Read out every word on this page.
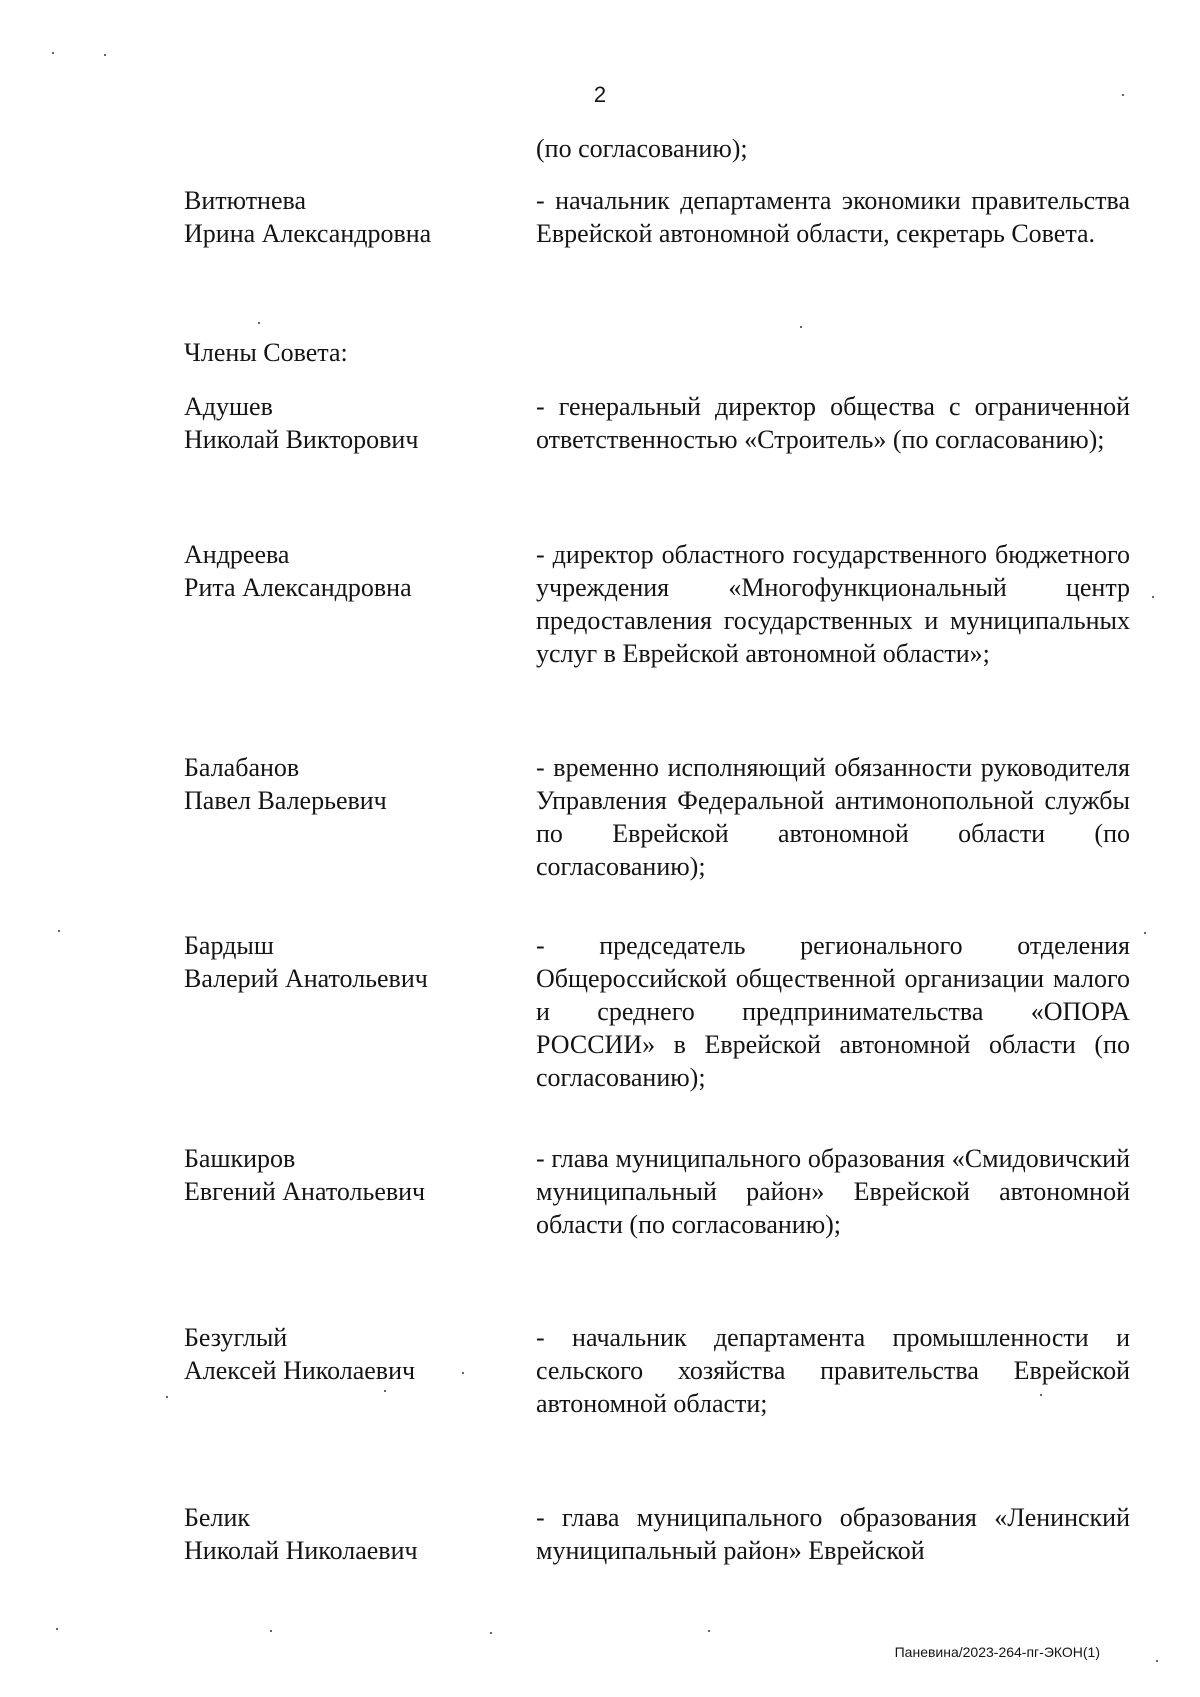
2
(по согласованию);
Витютнева
Ирина Александровна
- начальник департамента экономики правительства Еврейской автономной области, секретарь Совета.
Члены Совета:
Адушев
Николай Викторович
- генеральный директор общества с ограниченной ответственностью «Строитель» (по согласованию);
Андреева
Рита Александровна
- директор областного государственного бюджетного учреждения «Многофункциональный центр предоставления государственных и муниципальных услуг в Еврейской автономной области»;
Балабанов
Павел Валерьевич
- временно исполняющий обязанности руководителя Управления Федеральной антимонопольной службы по Еврейской автономной области (по согласованию);
Бардыш
Валерий Анатольевич
- председатель регионального отделения Общероссийской общественной организации малого и среднего предпринимательства «ОПОРА РОССИИ» в Еврейской автономной области (по согласованию);
Башкиров
Евгений Анатольевич
- глава муниципального образования «Смидовичский муниципальный район» Еврейской автономной области (по согласованию);
Безуглый
Алексей Николаевич
- начальник департамента промышленности и сельского хозяйства правительства Еврейской автономной области;
Белик
Николай Николаевич
- глава муниципального образования «Ленинский муниципальный район» Еврейской
Паневина/2023-264-пг-ЭКОН(1)
